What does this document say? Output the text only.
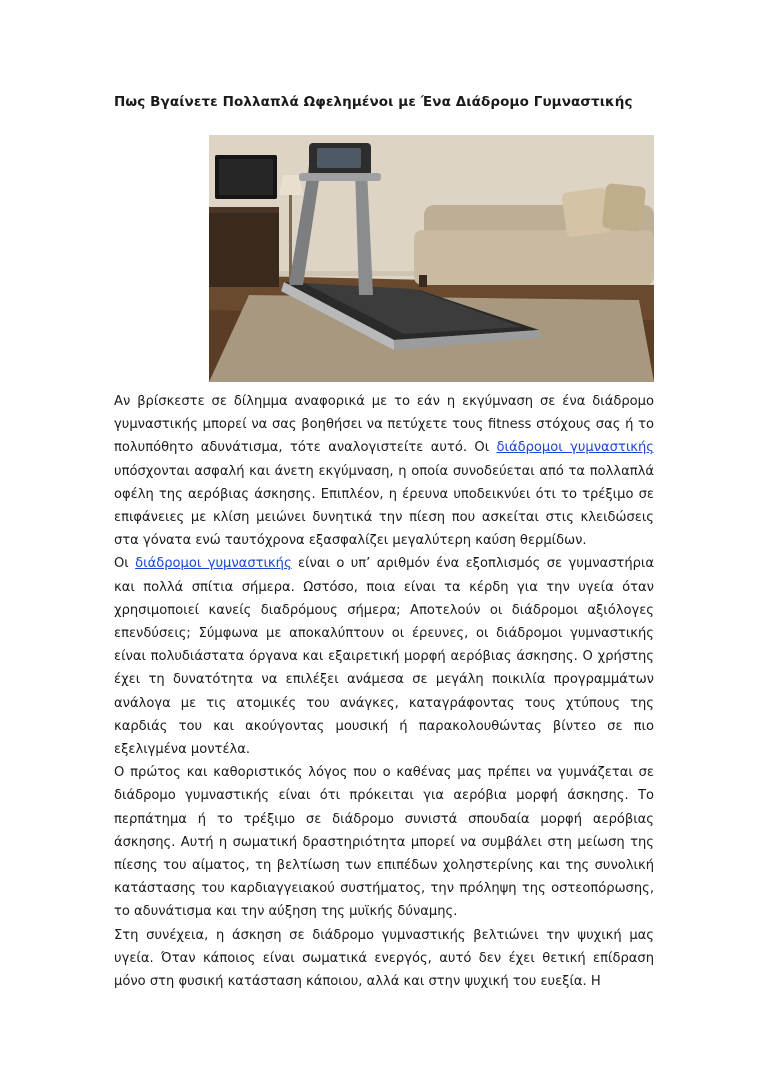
Πως Βγαίνετε Πολλαπλά Ωφελημένοι με Ένα Διάδρομο Γυμναστικής

Αν βρίσκεστε σε δίλημμα αναφορικά με το εάν η εκγύμναση σε ένα διάδρομο γυμναστικής μπορεί να σας βοηθήσει να πετύχετε τους fitness στόχους σας ή το πολυπόθητο αδυνάτισμα, τότε αναλογιστείτε αυτό. Οι διάδρομοι γυμναστικής υπόσχονται ασφαλή και άνετη εκγύμναση, η οποία συνοδεύεται από τα πολλαπλά οφέλη της αερόβιας άσκησης. Επιπλέον, η έρευνα υποδεικνύει ότι το τρέξιμο σε επιφάνειες με κλίση μειώνει δυνητικά την πίεση που ασκείται στις κλειδώσεις στα γόνατα ενώ ταυτόχρονα εξασφαλίζει μεγαλύτερη καύση θερμίδων.

Οι διάδρομοι γυμναστικής είναι ο υπ’ αριθμόν ένα εξοπλισμός σε γυμναστήρια και πολλά σπίτια σήμερα. Ωστόσο, ποια είναι τα κέρδη για την υγεία όταν χρησιμοποιεί κανείς διαδρόμους σήμερα; Αποτελούν οι διάδρομοι αξιόλογες επενδύσεις; Σύμφωνα με αποκαλύπτουν οι έρευνες, οι διάδρομοι γυμναστικής είναι πολυδιάστατα όργανα και εξαιρετική μορφή αερόβιας άσκησης. Ο χρήστης έχει τη δυνατότητα να επιλέξει ανάμεσα σε μεγάλη ποικιλία προγραμμάτων ανάλογα με τις ατομικές του ανάγκες, καταγράφοντας τους χτύπους της καρδιάς του και ακούγοντας μουσική ή παρακολουθώντας βίντεο σε πιο εξελιγμένα μοντέλα.

Ο πρώτος και καθοριστικός λόγος που ο καθένας μας πρέπει να γυμνάζεται σε διάδρομο γυμναστικής είναι ότι πρόκειται για αερόβια μορφή άσκησης. Το περπάτημα ή το τρέξιμο σε διάδρομο συνιστά σπουδαία μορφή αερόβιας άσκησης. Αυτή η σωματική δραστηριότητα μπορεί να συμβάλει στη μείωση της πίεσης του αίματος, τη βελτίωση των επιπέδων χοληστερίνης και της συνολική κατάστασης του καρδιαγγειακού συστήματος, την πρόληψη της οστεοπόρωσης, το αδυνάτισμα και την αύξηση της μυϊκής δύναμης.

Στη συνέχεια, η άσκηση σε διάδρομο γυμναστικής βελτιώνει την ψυχική μας υγεία. Όταν κάποιος είναι σωματικά ενεργός, αυτό δεν έχει θετική επίδραση μόνο στη φυσική κατάσταση κάποιου, αλλά και στην ψυχική του ευεξία. Η
